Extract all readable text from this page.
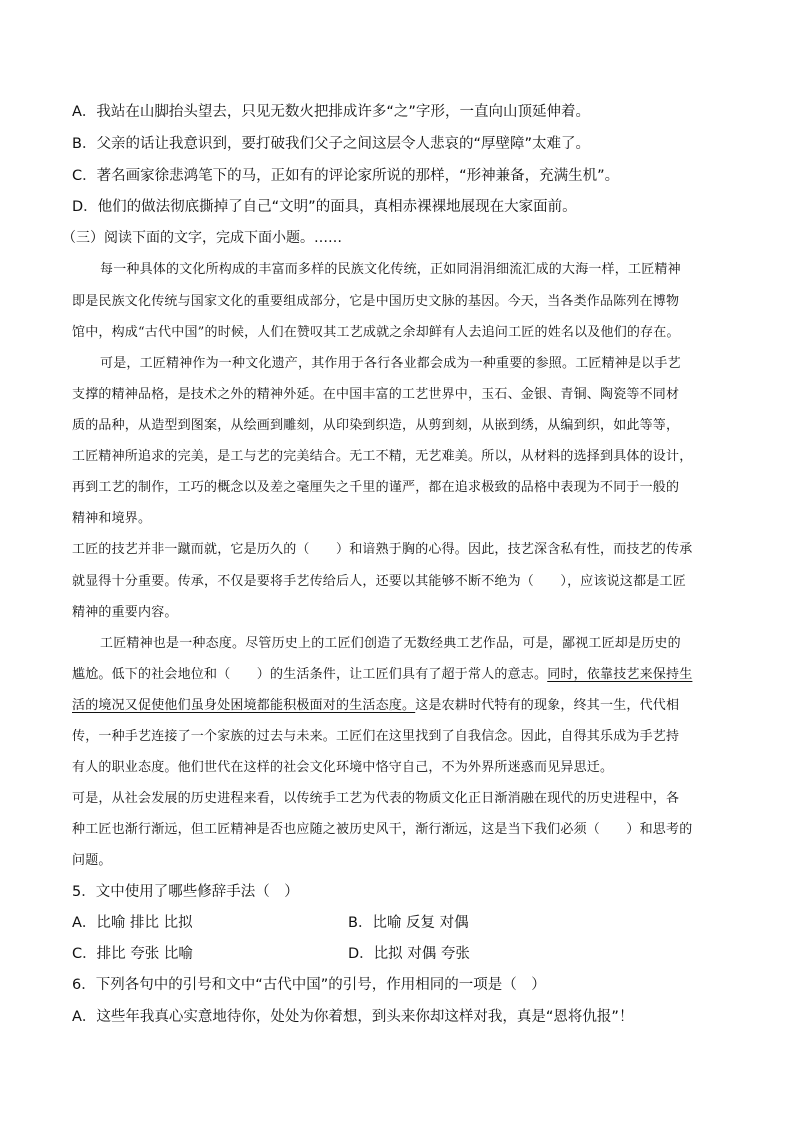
A．我站在山脚抬头望去，只见无数火把排成许多“之”字形，一直向山顶延伸着。
B．父亲的话让我意识到，要打破我们父子之间这层令人悲哀的“厚壁障”太难了。
C．著名画家徐悲鸿笔下的马，正如有的评论家所说的那样，“形神兼备，充满生机”。
D．他们的做法彻底撕掉了自己“文明”的面具，真相赤裸裸地展现在大家面前。
（三）阅读下面的文字，完成下面小题。……
每一种具体的文化所构成的丰富而多样的民族文化传统，正如同涓涓细流汇成的大海一样，工匠精神
即是民族文化传统与国家文化的重要组成部分，它是中国历史文脉的基因。今天，当各类作品陈列在博物
馆中，构成“古代中国”的时候，人们在赞叹其工艺成就之余却鲜有人去追问工匠的姓名以及他们的存在。
可是，工匠精神作为一种文化遗产，其作用于各行各业都会成为一种重要的参照。工匠精神是以手艺
支撑的精神品格，是技术之外的精神外延。在中国丰富的工艺世界中，玉石、金银、青铜、陶瓷等不同材
质的品种，从造型到图案，从绘画到雕刻，从印染到织造，从剪到刻，从嵌到绣，从编到织，如此等等，
工匠精神所追求的完美，是工与艺的完美结合。无工不精，无艺难美。所以，从材料的选择到具体的设计，
再到工艺的制作，工巧的概念以及差之毫厘失之千里的谨严，都在追求极致的品格中表现为不同于一般的
精神和境界。
工匠的技艺并非一蹴而就，它是历久的（　　）和谙熟于胸的心得。因此，技艺深含私有性，而技艺的传承
就显得十分重要。传承，不仅是要将手艺传给后人，还要以其能够不断不绝为（　　），应该说这都是工匠
精神的重要内容。
工匠精神也是一种态度。尽管历史上的工匠们创造了无数经典工艺作品，可是，鄙视工匠却是历史的
尴尬。低下的社会地位和（　　）的生活条件，让工匠们具有了超于常人的意志。同时，依靠技艺来保持生
活的境况又促使他们虽身处困境都能积极面对的生活态度。这是农耕时代特有的现象，终其一生，代代相
传，一种手艺连接了一个家族的过去与未来。工匠们在这里找到了自我信念。因此，自得其乐成为手艺持
有人的职业态度。他们世代在这样的社会文化环境中恪守自己，不为外界所迷惑而见异思迁。
可是，从社会发展的历史进程来看，以传统手工艺为代表的物质文化正日渐消融在现代的历史进程中，各
种工匠也渐行渐远，但工匠精神是否也应随之被历史风干，渐行渐远，这是当下我们必须（　　）和思考的
问题。
5．文中使用了哪些修辞手法（　）
A．比喻 排比 比拟	B．比喻 反复 对偶
C．排比 夸张 比喻	D．比拟 对偶 夸张
6．下列各句中的引号和文中“古代中国”的引号，作用相同的一项是（　）
A．这些年我真心实意地待你，处处为你着想，到头来你却这样对我，真是“恩将仇报”！
